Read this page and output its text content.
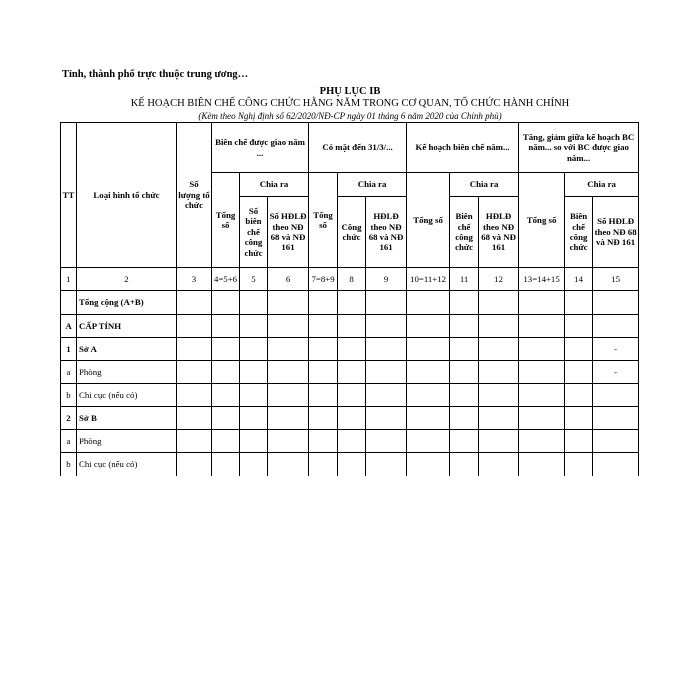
Tỉnh, thành phố trực thuộc trung ương…
PHỤ LỤC IB
KẾ HOẠCH BIÊN CHẾ CÔNG CHỨC HẰNG NĂM TRONG CƠ QUAN, TỔ CHỨC HÀNH CHÍNH
(Kèm theo Nghị định số 62/2020/NĐ-CP ngày 01 tháng 6 năm 2020 của Chính phủ)
TT	Loại hình tổ chức	Số lượng tổ chức	Biên chế được giao năm ...			Có mặt đến 31/3/...			Kế hoạch biên chế năm...			Tăng, giảm giữa kế hoạch BC năm... so với BC được giao năm...		
			Tổng số	Chia ra		Tổng số	Chia ra		Tổng số	Chia ra		Tổng số	Chia ra	
				Số biên chế công chức	Số HĐLĐ theo NĐ 68 và NĐ 161		Công chức	HĐLĐ theo NĐ 68 và NĐ 161		Biên chế công chức	HĐLĐ theo NĐ 68 và NĐ 161		Biên chế công chức	Số HĐLĐ theo NĐ 68 và NĐ 161
1	2	3	4=5+6	5	6	7=8+9	8	9	10=11+12	11	12	13=14+15	14	15
	Tổng cộng (A+B)													
A	CẤP TỈNH													
1	Sở A													-
a	Phòng													-
b	Chi cục (nếu có)													
2	Sở B													
a	Phòng													
b	Chi cục (nếu có)													
